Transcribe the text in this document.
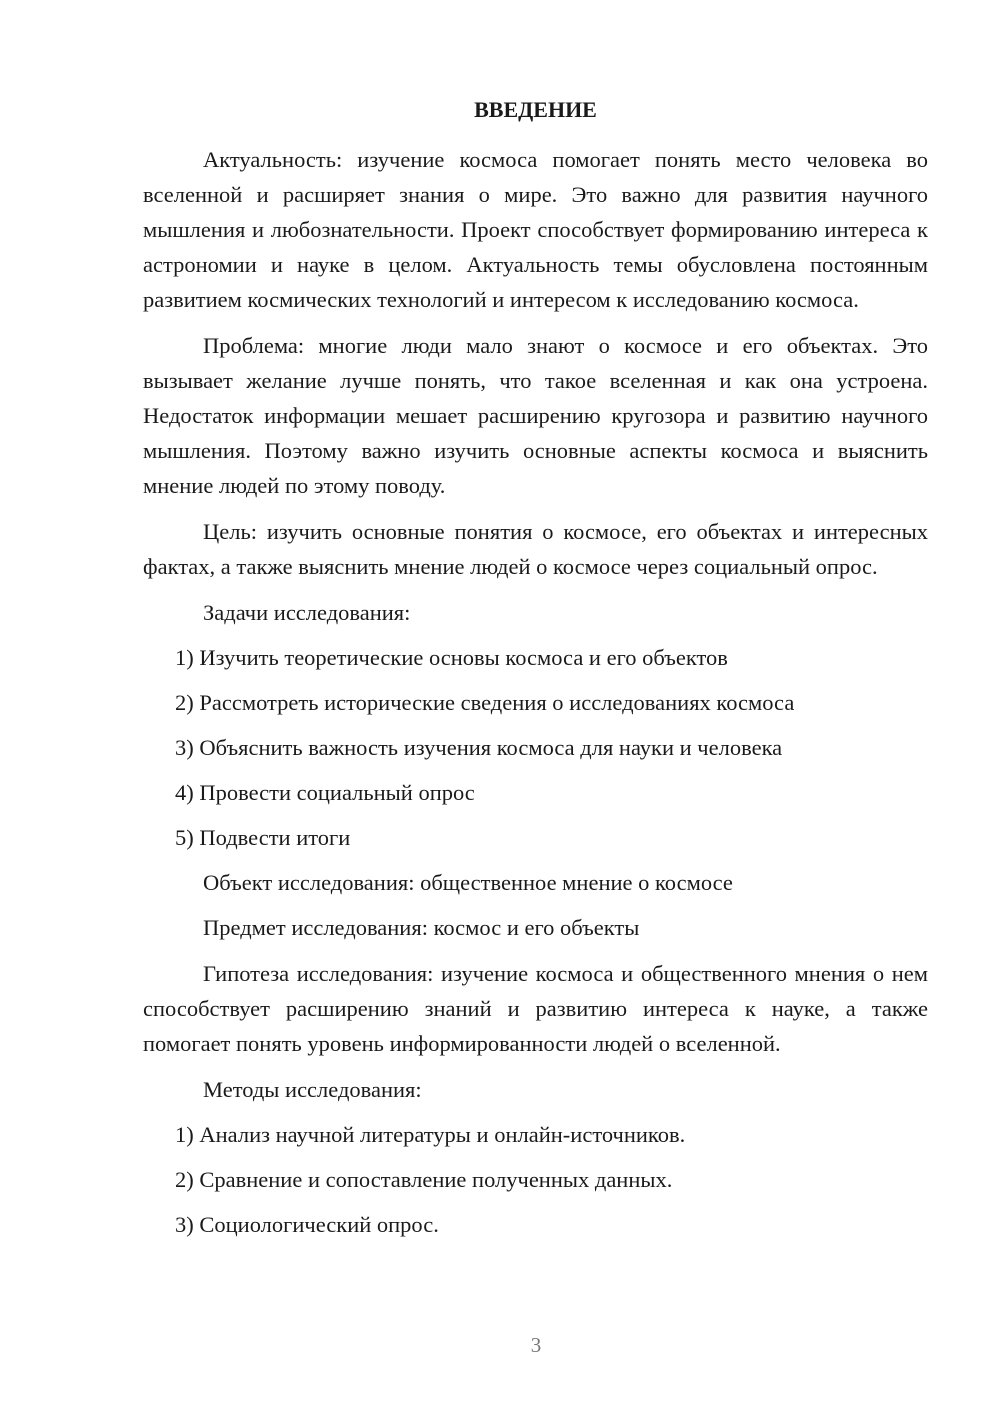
ВВЕДЕНИЕ

Актуальность: изучение космоса помогает понять место человека во вселенной и расширяет знания о мире. Это важно для развития научного мышления и любознательности. Проект способствует формированию интереса к астрономии и науке в целом. Актуальность темы обусловлена постоянным развитием космических технологий и интересом к исследованию космоса.

Проблема: многие люди мало знают о космосе и его объектах. Это вызывает желание лучше понять, что такое вселенная и как она устроена. Недостаток информации мешает расширению кругозора и развитию научного мышления. Поэтому важно изучить основные аспекты космоса и выяснить мнение людей по этому поводу.

Цель: изучить основные понятия о космосе, его объектах и интересных фактах, а также выяснить мнение людей о космосе через социальный опрос.

Задачи исследования:

1) Изучить теоретические основы космоса и его объектов

2) Рассмотреть исторические сведения о исследованиях космоса

3) Объяснить важность изучения космоса для науки и человека

4) Провести социальный опрос

5) Подвести итоги

Объект исследования: общественное мнение о космосе

Предмет исследования: космос и его объекты

Гипотеза исследования: изучение космоса и общественного мнения о нем способствует расширению знаний и развитию интереса к науке, а также помогает понять уровень информированности людей о вселенной.

Методы исследования:

1) Анализ научной литературы и онлайн-источников.

2) Сравнение и сопоставление полученных данных.

3) Социологический опрос.

3
